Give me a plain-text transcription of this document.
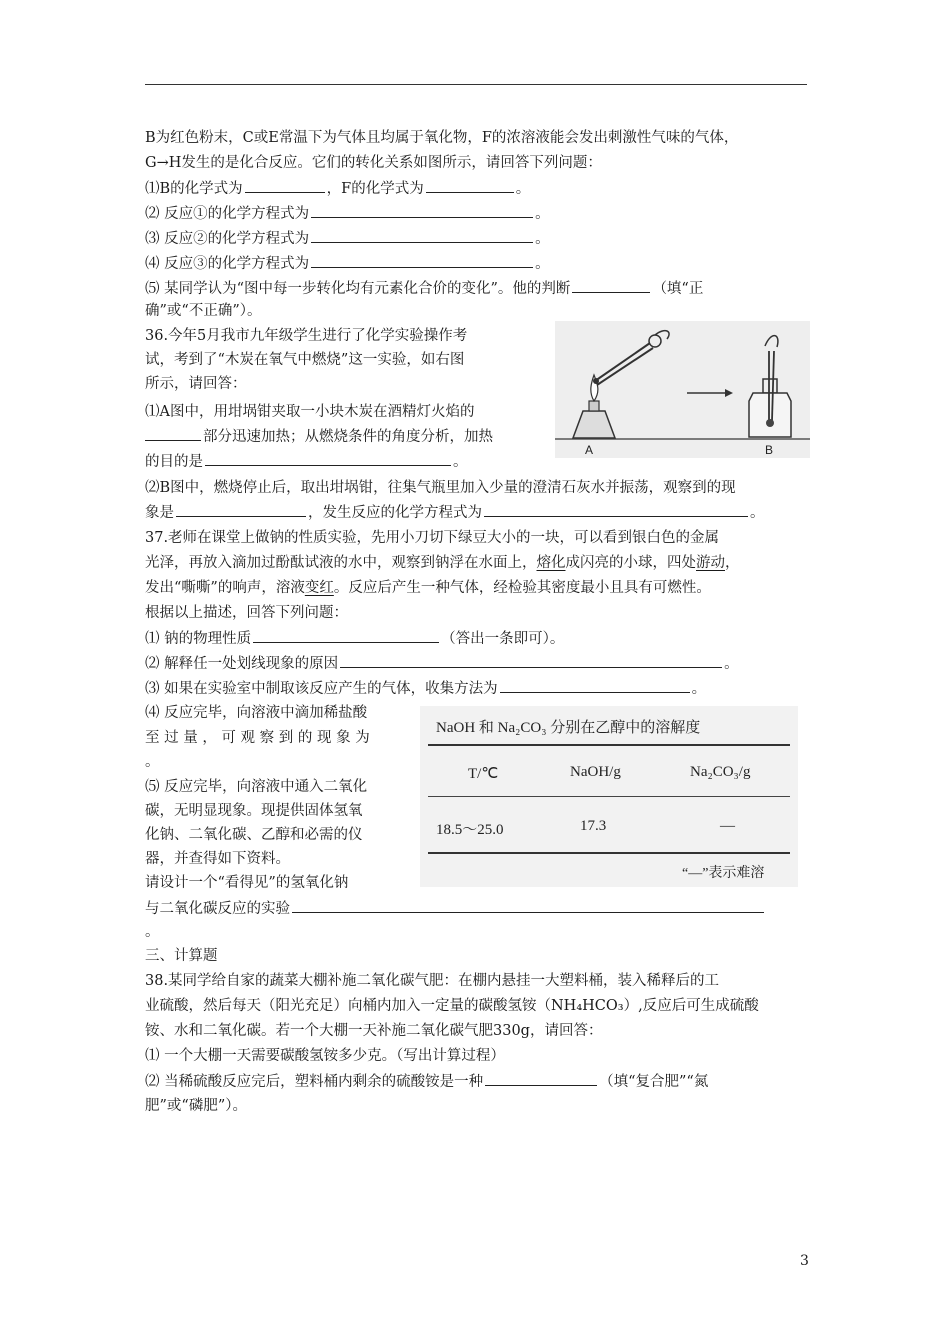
B为红色粉末，C或E常温下为气体且均属于氧化物，F的浓溶液能会发出刺激性气味的气体，
G→H发生的是化合反应。它们的转化关系如图所示，请回答下列问题：
⑴B的化学式为	，F的化学式为	。
⑵ 反应①的化学方程式为	。
⑶ 反应②的化学方程式为	。
⑷ 反应③的化学方程式为	。
⑸ 某同学认为“图中每一步转化均有元素化合价的变化”。他的判断	（填“正
确”或“不正确”）。
36.今年5月我市九年级学生进行了化学实验操作考
试，考到了“木炭在氧气中燃烧”这一实验，如右图
所示，请回答：
⑴A图中，用坩埚钳夹取一小块木炭在酒精灯火焰的
部分迅速加热；从燃烧条件的角度分析，加热
的目的是	。
⑵B图中，燃烧停止后，取出坩埚钳，往集气瓶里加入少量的澄清石灰水并振荡，观察到的现
象是	，发生反应的化学方程式为	。
A	B
37.老师在课堂上做钠的性质实验，先用小刀切下绿豆大小的一块，可以看到银白色的金属
光泽，再放入滴加过酚酞试液的水中，观察到钠浮在水面上，熔化成闪亮的小球，四处游动，
发出“嘶嘶”的响声，溶液变红。反应后产生一种气体，经检验其密度最小且具有可燃性。
根据以上描述，回答下列问题：
⑴ 钠的物理性质	（答出一条即可）。
⑵ 解释任一处划线现象的原因	。
⑶ 如果在实验室中制取该反应产生的气体，收集方法为	。
⑷ 反应完毕，向溶液中滴加稀盐酸
至 过 量 ， 可 观 察 到 的 现 象 为
。
⑸ 反应完毕，向溶液中通入二氧化
碳，无明显现象。现提供固体氢氧
化钠、二氧化碳、乙醇和必需的仪
器，并查得如下资料。
请设计一个“看得见”的氢氧化钠
与二氧化碳反应的实验
。
NaOH 和 Na₂CO₃ 分别在乙醇中的溶解度
T/℃	NaOH/g	Na₂CO₃/g
18.5～25.0	17.3	—
“—”表示难溶
三、计算题
38.某同学给自家的蔬菜大棚补施二氧化碳气肥：在棚内悬挂一大塑料桶，装入稀释后的工
业硫酸，然后每天（阳光充足）向桶内加入一定量的碳酸氢铵（NH₄HCO₃）,反应后可生成硫酸
铵、水和二氧化碳。若一个大棚一天补施二氧化碳气肥330g，请回答：
⑴ 一个大棚一天需要碳酸氢铵多少克。（写出计算过程）
⑵ 当稀硫酸反应完后，塑料桶内剩余的硫酸铵是一种	（填“复合肥”“氮
肥”或“磷肥”）。
3
